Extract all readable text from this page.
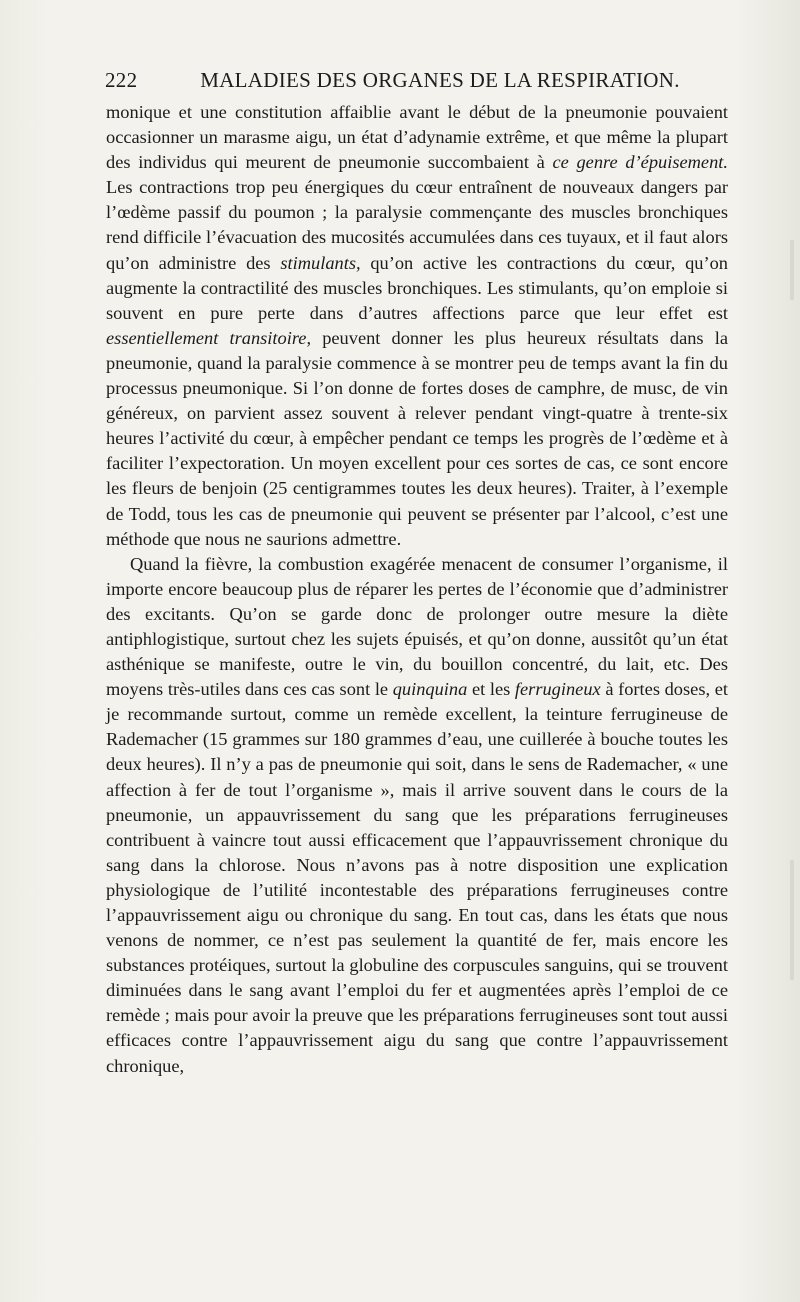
222	MALADIES DES ORGANES DE LA RESPIRATION.

monique et une constitution affaiblie avant le début de la pneumonie pouvaient occasionner un marasme aigu, un état d’adynamie extrême, et que même la plupart des individus qui meurent de pneumonie succombaient à ce genre d’épuisement. Les contractions trop peu énergiques du cœur entraînent de nouveaux dangers par l’œdème passif du poumon ; la paralysie commençante des muscles bronchiques rend difficile l’évacuation des mucosités accumulées dans ces tuyaux, et il faut alors qu’on administre des stimulants, qu’on active les contractions du cœur, qu’on augmente la contractilité des muscles bronchiques. Les stimulants, qu’on emploie si souvent en pure perte dans d’autres affections parce que leur effet est essentiellement transitoire, peuvent donner les plus heureux résultats dans la pneumonie, quand la paralysie commence à se montrer peu de temps avant la fin du processus pneumonique. Si l’on donne de fortes doses de camphre, de musc, de vin généreux, on parvient assez souvent à relever pendant vingt-quatre à trente-six heures l’activité du cœur, à empêcher pendant ce temps les progrès de l’œdème et à faciliter l’expectoration. Un moyen excellent pour ces sortes de cas, ce sont encore les fleurs de benjoin (25 centigrammes toutes les deux heures). Traiter, à l’exemple de Todd, tous les cas de pneumonie qui peuvent se présenter par l’alcool, c’est une méthode que nous ne saurions admettre.

Quand la fièvre, la combustion exagérée menacent de consumer l’organisme, il importe encore beaucoup plus de réparer les pertes de l’économie que d’administrer des excitants. Qu’on se garde donc de prolonger outre mesure la diète antiphlogistique, surtout chez les sujets épuisés, et qu’on donne, aussitôt qu’un état asthénique se manifeste, outre le vin, du bouillon concentré, du lait, etc. Des moyens très-utiles dans ces cas sont le quinquina et les ferrugineux à fortes doses, et je recommande surtout, comme un remède excellent, la teinture ferrugineuse de Rademacher (15 grammes sur 180 grammes d’eau, une cuillerée à bouche toutes les deux heures). Il n’y a pas de pneumonie qui soit, dans le sens de Rademacher, « une affection à fer de tout l’organisme », mais il arrive souvent dans le cours de la pneumonie, un appauvrissement du sang que les préparations ferrugineuses contribuent à vaincre tout aussi efficacement que l’appauvrissement chronique du sang dans la chlorose. Nous n’avons pas à notre disposition une explication physiologique de l’utilité incontestable des préparations ferrugineuses contre l’appauvrissement aigu ou chronique du sang. En tout cas, dans les états que nous venons de nommer, ce n’est pas seulement la quantité de fer, mais encore les substances protéiques, surtout la globuline des corpuscules sanguins, qui se trouvent diminuées dans le sang avant l’emploi du fer et augmentées après l’emploi de ce remède ; mais pour avoir la preuve que les préparations ferrugineuses sont tout aussi efficaces contre l’appauvrissement aigu du sang que contre l’appauvrissement chronique,
